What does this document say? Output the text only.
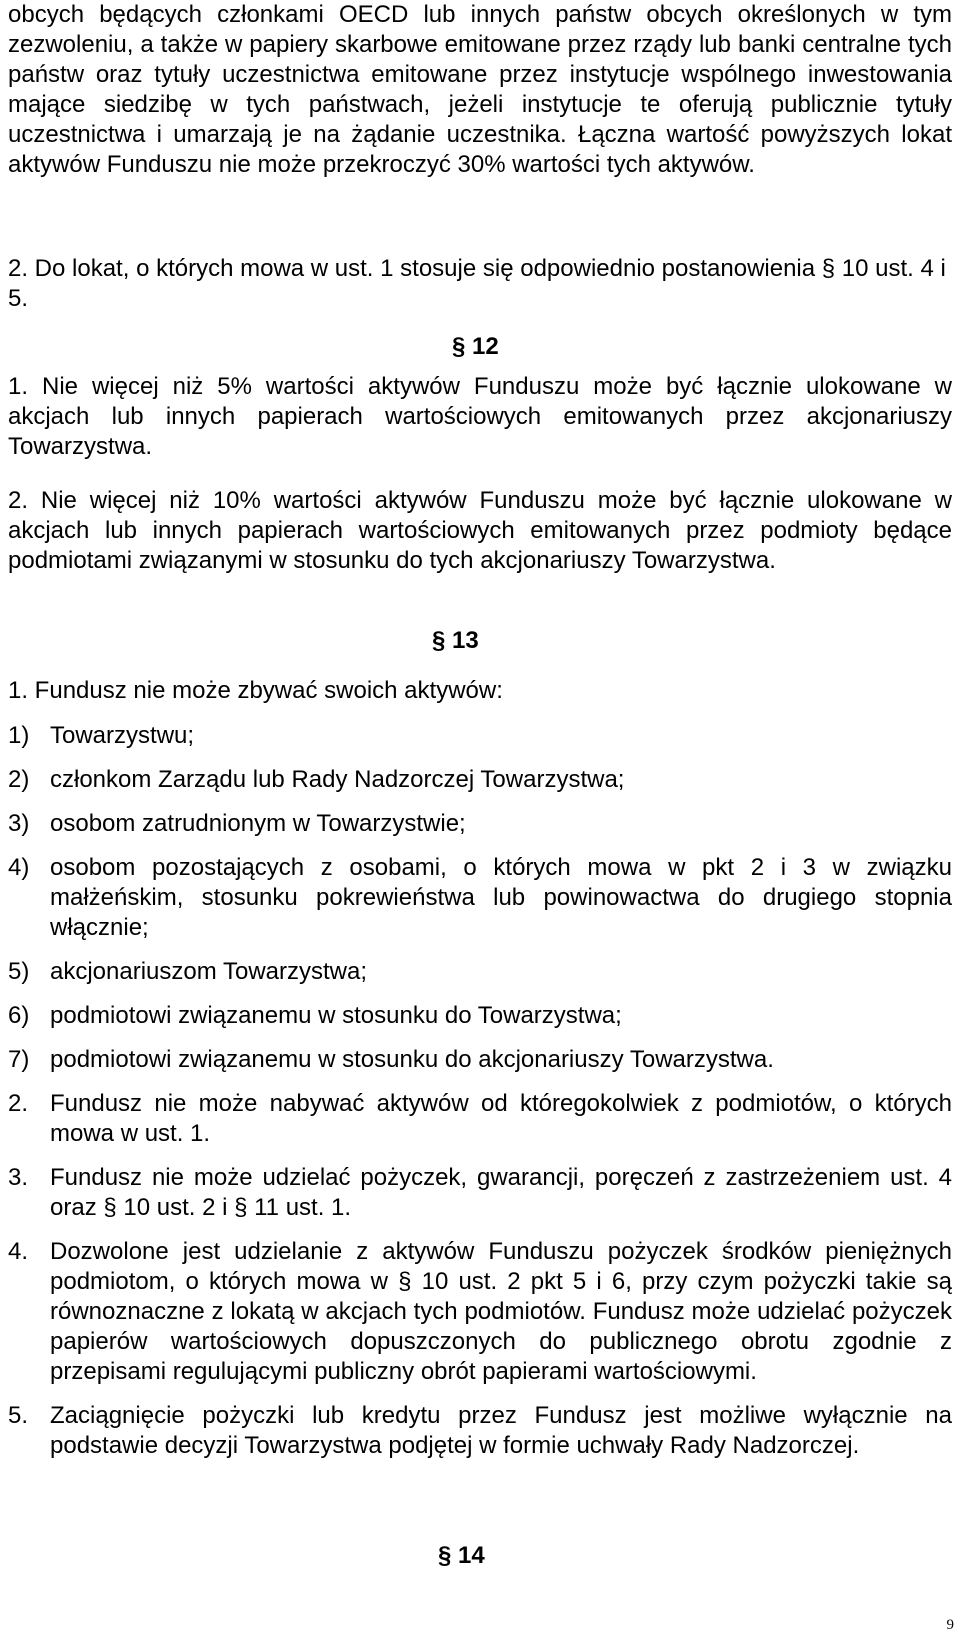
obcych będących członkami OECD lub innych państw obcych określonych w tym zezwoleniu, a także w papiery skarbowe emitowane przez rządy lub banki centralne tych państw oraz tytuły uczestnictwa emitowane przez instytucje wspólnego inwestowania mające siedzibę w tych państwach, jeżeli instytucje te oferują publicznie tytuły uczestnictwa i umarzają je na żądanie uczestnika. Łączna wartość powyższych lokat aktywów Funduszu nie może przekroczyć 30% wartości tych aktywów.

2. Do lokat, o których mowa w ust. 1 stosuje się odpowiednio postanowienia § 10 ust. 4 i 5.

§ 12

1. Nie więcej niż 5% wartości aktywów Funduszu może być łącznie ulokowane w akcjach lub innych papierach wartościowych emitowanych przez akcjonariuszy Towarzystwa.

2. Nie więcej niż 10% wartości aktywów Funduszu może być łącznie ulokowane w akcjach lub innych papierach wartościowych emitowanych przez podmioty będące podmiotami związanymi w stosunku do tych akcjonariuszy Towarzystwa.

§ 13

1. Fundusz nie może zbywać swoich aktywów:

1) Towarzystwu;
2) członkom Zarządu lub Rady Nadzorczej Towarzystwa;
3) osobom zatrudnionym w Towarzystwie;
4) osobom pozostających z osobami, o których mowa w pkt 2 i 3 w związku małżeńskim, stosunku pokrewieństwa lub powinowactwa do drugiego stopnia włącznie;
5) akcjonariuszom Towarzystwa;
6) podmiotowi związanemu w stosunku do Towarzystwa;
7) podmiotowi związanemu w stosunku do akcjonariuszy Towarzystwa.
2. Fundusz nie może nabywać aktywów od któregokolwiek z podmiotów, o których mowa w ust. 1.
3. Fundusz nie może udzielać pożyczek, gwarancji, poręczeń z zastrzeżeniem ust. 4 oraz § 10 ust. 2 i § 11 ust. 1.
4. Dozwolone jest udzielanie z aktywów Funduszu pożyczek środków pieniężnych podmiotom, o których mowa w § 10 ust. 2 pkt 5 i 6, przy czym pożyczki takie są równoznaczne z lokatą w akcjach tych podmiotów. Fundusz może udzielać pożyczek papierów wartościowych dopuszczonych do publicznego obrotu zgodnie z przepisami regulującymi publiczny obrót papierami wartościowymi.
5. Zaciągnięcie pożyczki lub kredytu przez Fundusz jest możliwe wyłącznie na podstawie decyzji Towarzystwa podjętej w formie uchwały Rady Nadzorczej.
§ 14
9
